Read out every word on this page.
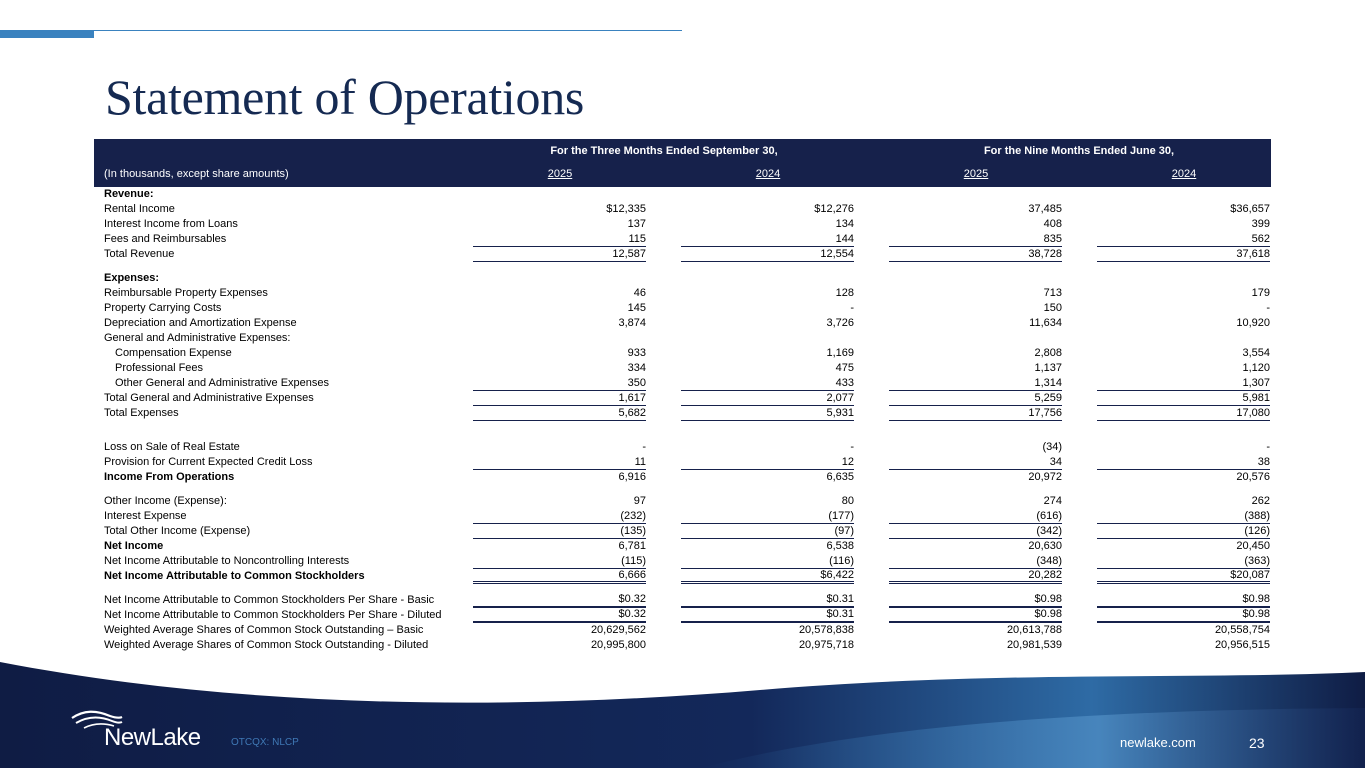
Statement of Operations
For the Three Months Ended September 30,	For the Nine Months Ended June 30,
(In thousands, except share amounts)	2025	2024	2025	2024
Revenue:
Rental Income	$12,335	$12,276	37,485	$36,657
Interest Income from Loans	137	134	408	399
Fees and Reimbursables	115	144	835	562
Total Revenue	12,587	12,554	38,728	37,618
Expenses:
Reimbursable Property Expenses	46	128	713	179
Property Carrying Costs	145	-	150	-
Depreciation and Amortization Expense	3,874	3,726	11,634	10,920
General and Administrative Expenses:
Compensation Expense	933	1,169	2,808	3,554
Professional Fees	334	475	1,137	1,120
Other General and Administrative Expenses	350	433	1,314	1,307
Total General and Administrative Expenses	1,617	2,077	5,259	5,981
Total Expenses	5,682	5,931	17,756	17,080
Loss on Sale of Real Estate	-	-	(34)	-
Provision for Current Expected Credit Loss	11	12	34	38
Income From Operations	6,916	6,635	20,972	20,576
Other Income (Expense):	97	80	274	262
Interest Expense	(232)	(177)	(616)	(388)
Total Other Income (Expense)	(135)	(97)	(342)	(126)
Net Income	6,781	6,538	20,630	20,450
Net Income Attributable to Noncontrolling Interests	(115)	(116)	(348)	(363)
Net Income Attributable to Common Stockholders	6,666	$6,422	20,282	$20,087
Net Income Attributable to Common Stockholders Per Share - Basic	$0.32	$0.31	$0.98	$0.98
Net Income Attributable to Common Stockholders Per Share - Diluted	$0.32	$0.31	$0.98	$0.98
Weighted Average Shares of Common Stock Outstanding – Basic	20,629,562	20,578,838	20,613,788	20,558,754
Weighted Average Shares of Common Stock Outstanding - Diluted	20,995,800	20,975,718	20,981,539	20,956,515
NewLake	OTCQX: NLCP	newlake.com	23
